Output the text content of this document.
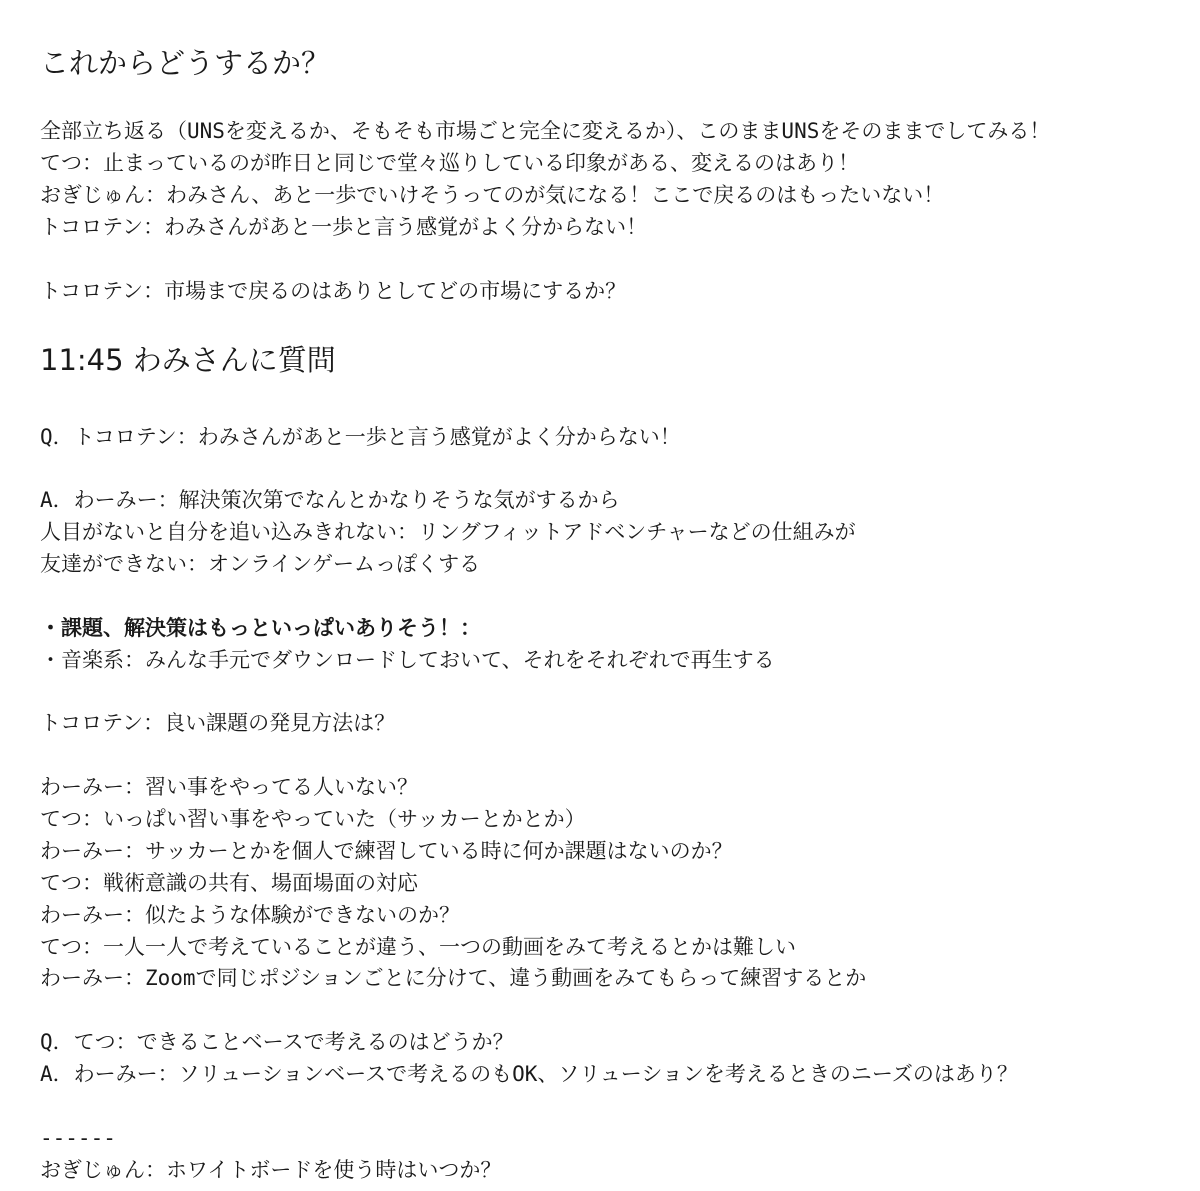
これからどうするか？
全部立ち返る（UNSを変えるか、そもそも市場ごと完全に変えるか）、このままUNSをそのままでしてみる！
てつ：止まっているのが昨日と同じで堂々巡りしている印象がある、変えるのはあり！
おぎじゅん：わみさん、あと一歩でいけそうってのが気になる！ここで戻るのはもったいない！
トコロテン：わみさんがあと一歩と言う感覚がよく分からない！
トコロテン：市場まで戻るのはありとしてどの市場にするか？
11:45 わみさんに質問
Q．トコロテン：わみさんがあと一歩と言う感覚がよく分からない！
A．わーみー：解決策次第でなんとかなりそうな気がするから
人目がないと自分を追い込みきれない：リングフィットアドベンチャーなどの仕組みが
友達ができない：オンラインゲームっぽくする
・課題、解決策はもっといっぱいありそう！：
・音楽系：みんな手元でダウンロードしておいて、それをそれぞれで再生する
トコロテン：良い課題の発見方法は？
わーみー：習い事をやってる人いない？
てつ：いっぱい習い事をやっていた（サッカーとかとか）
わーみー：サッカーとかを個人で練習している時に何か課題はないのか？
てつ：戦術意識の共有、場面場面の対応
わーみー：似たような体験ができないのか？
てつ：一人一人で考えていることが違う、一つの動画をみて考えるとかは難しい
わーみー：Zoomで同じポジションごとに分けて、違う動画をみてもらって練習するとか
Q．てつ：できることベースで考えるのはどうか？
A．わーみー：ソリューションベースで考えるのもOK、ソリューションを考えるときのニーズのはあり？
------
おぎじゅん：ホワイトボードを使う時はいつか？
